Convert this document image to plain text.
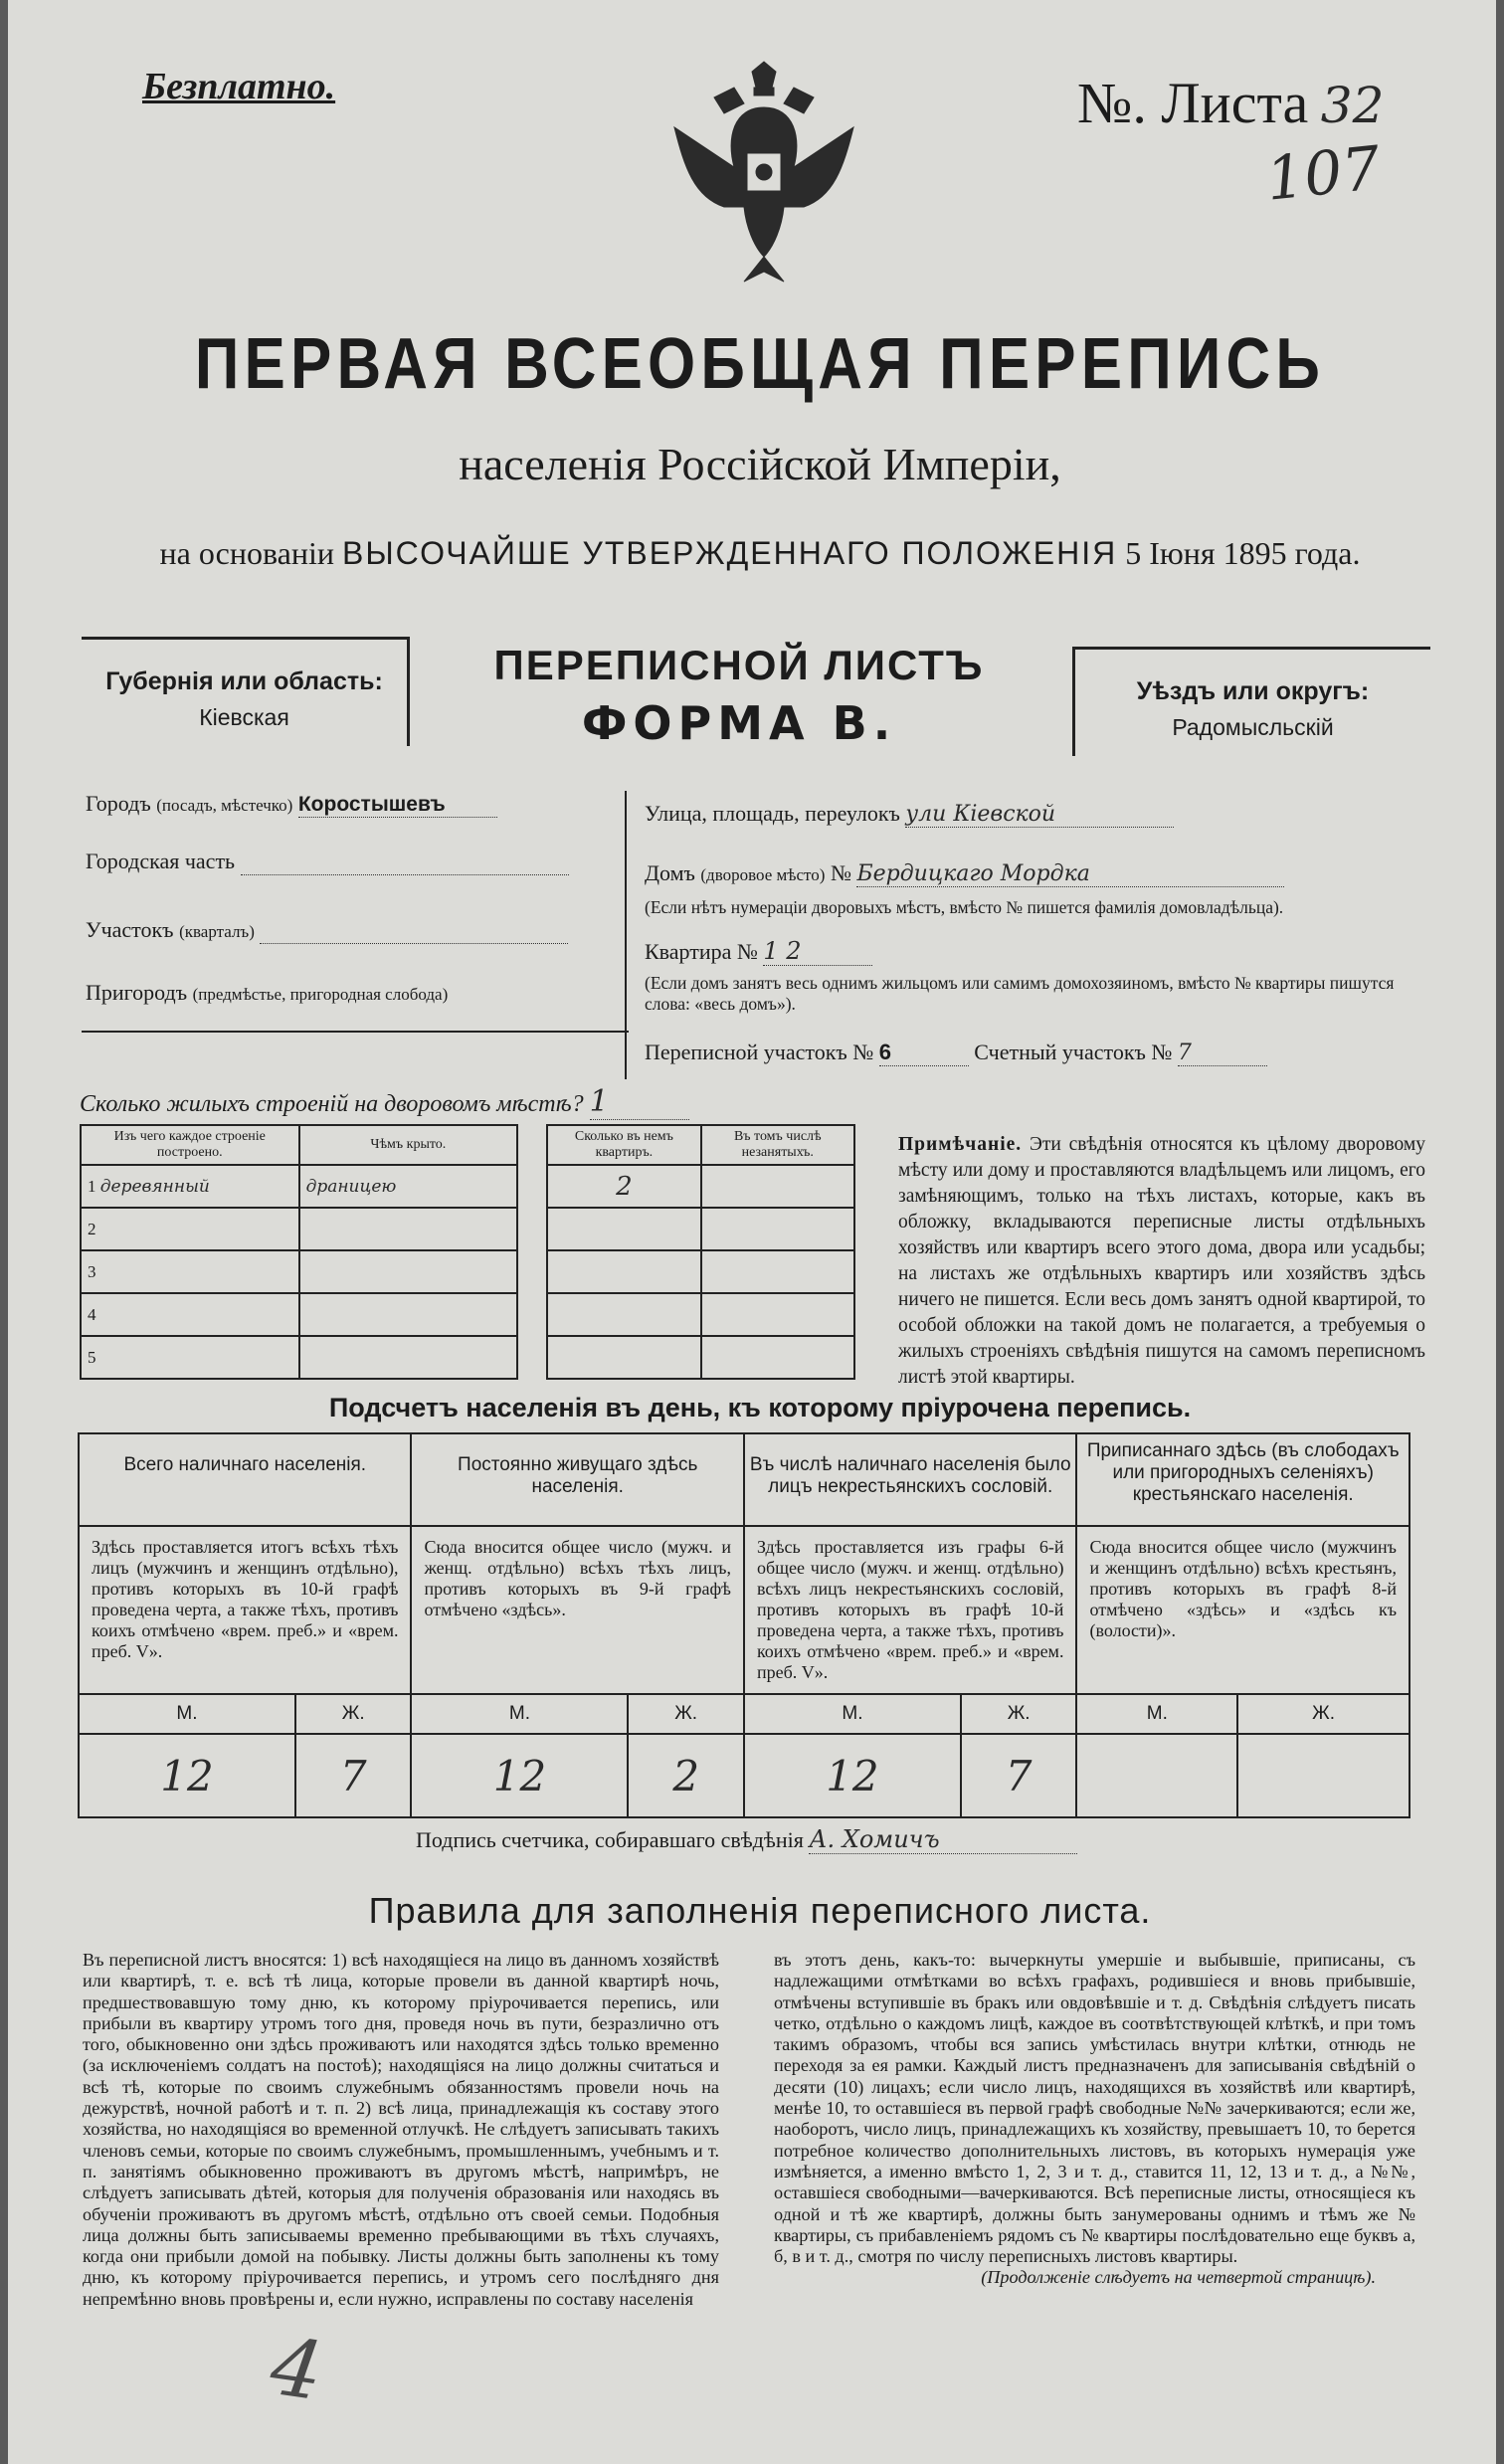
Безплатно.	№. Листа 32
107
ПЕРВАЯ ВСЕОБЩАЯ ПЕРЕПИСЬ
населенія Россійской Имперіи,
на основаніи ВЫСОЧАЙШЕ УТВЕРЖДЕННАГО ПОЛОЖЕНІЯ 5 Іюня 1895 года.
Губернія или область:
Кіевская
ПЕРЕПИСНОЙ ЛИСТЪ
ФОРМА В.
Уѣздъ или округъ:
Радомысльскій
Городъ (посадъ, мѣстечко) Коростышевъ
Городская часть
Участокъ (кварталъ)
Пригородъ (предмѣстье, пригородная слобода)
Улица, площадь, переулокъ ули Кіевской
Домъ (дворовое мѣсто) № Бердицкаго Мордка
(Если нѣтъ нумераціи дворовыхъ мѣстъ, вмѣсто № пишется фамилія домовладѣльца).
Квартира № 1 2
(Если домъ занятъ весь однимъ жильцомъ или самимъ домохозяиномъ, вмѣсто № квартиры пишутся слова: «весь домъ»).
Переписной участокъ № 6	Счетный участокъ № 7
Сколько жилыхъ строеній на дворовомъ мѣстѣ? 1
Изъ чего каждое строеніе построено.	Чѣмъ крыто.		Сколько въ немъ квартиръ.	Въ томъ числѣ незанятыхъ.
1 деревянный	драницею		2	
2				
3				
4				
5				
Примѣчаніе. Эти свѣдѣнія относятся къ цѣлому дворовому мѣсту или дому и проставляются владѣльцемъ или лицомъ, его замѣняющимъ, только на тѣхъ листахъ, которые, какъ въ обложку, вкладываются переписные листы отдѣльныхъ хозяйствъ или квартиръ всего этого дома, двора или усадьбы; на листахъ же отдѣльныхъ квартиръ или хозяйствъ здѣсь ничего не пишется. Если весь домъ занятъ одной квартирой, то особой обложки на такой домъ не полагается, а требуемыя о жилыхъ строеніяхъ свѣдѣнія пишутся на самомъ переписномъ листѣ этой квартиры.
Подсчетъ населенія въ день, къ которому пріурочена перепись.
Всего наличнаго населенія.		Постоянно живущаго здѣсь населенія.		Въ числѣ наличнаго населенія было лицъ некрестьянскихъ сословій.		Приписаннаго здѣсь (въ слободахъ или пригородныхъ селеніяхъ) крестьянскаго населенія.	
Здѣсь проставляется итогъ всѣхъ тѣхъ лицъ (мужчинъ и женщинъ отдѣльно), противъ которыхъ въ 10-й графѣ проведена черта, а также тѣхъ, противъ коихъ отмѣчено «врем. преб.» и «врем. преб. V».		Сюда вносится общее число (мужч. и женщ. отдѣльно) всѣхъ тѣхъ лицъ, противъ которыхъ въ 9-й графѣ отмѣчено «здѣсь».		Здѣсь проставляется изъ графы 6-й общее число (мужч. и женщ. отдѣльно) всѣхъ лицъ некрестьянскихъ сословій, противъ которыхъ въ графѣ 10-й проведена черта, а также тѣхъ, противъ коихъ отмѣчено «врем. преб.» и «врем. преб. V».		Сюда вносится общее число (мужчинъ и женщинъ отдѣльно) всѣхъ крестьянъ, противъ которыхъ въ графѣ 8-й отмѣчено «здѣсь» и «здѣсь къ (волости)».	
М.	Ж.	М.	Ж.	М.	Ж.	М.	Ж.
12	7	12	2	12	7		
Подпись счетчика, собиравшаго свѣдѣнія А. Хомичъ
Правила для заполненія переписного листа.
Въ переписной листъ вносятся: 1) всѣ находящіеся на лицо въ данномъ хозяйствѣ или квартирѣ, т. е. всѣ тѣ лица, которые провели въ данной квартирѣ ночь, предшествовавшую тому дню, къ которому пріурочивается перепись, или прибыли въ квартиру утромъ того дня, проведя ночь въ пути, безразлично отъ того, обыкновенно они здѣсь проживаютъ или находятся здѣсь только временно (за исключеніемъ солдатъ на постоѣ); находящіяся на лицо должны считаться и всѣ тѣ, которые по своимъ служебнымъ обязанностямъ провели ночь на дежурствѣ, ночной работѣ и т. п. 2) всѣ лица, принадлежащія къ составу этого хозяйства, но находящіяся во временной отлучкѣ. Не слѣдуетъ записывать такихъ членовъ семьи, которые по своимъ служебнымъ, промышленнымъ, учебнымъ и т. п. занятіямъ обыкновенно проживаютъ въ другомъ мѣстѣ, напримѣръ, не слѣдуетъ записывать дѣтей, которыя для полученія образованія или находясь въ обученіи проживаютъ въ другомъ мѣстѣ, отдѣльно отъ своей семьи. Подобныя лица должны быть записываемы временно пребывающими въ тѣхъ случаяхъ, когда они прибыли домой на побывку. Листы должны быть заполнены къ тому дню, къ которому пріурочивается перепись, и утромъ сего послѣдняго дня непремѣнно вновь провѣрены и, если нужно, исправлены по составу населенія
въ этотъ день, какъ-то: вычеркнуты умершіе и выбывшіе, приписаны, съ надлежащими отмѣтками во всѣхъ графахъ, родившіеся и вновь прибывшіе, отмѣчены вступившіе въ бракъ или овдовѣвшіе и т. д. Свѣдѣнія слѣдуетъ писать четко, отдѣльно о каждомъ лицѣ, каждое въ соотвѣтствующей клѣткѣ, и при томъ такимъ образомъ, чтобы вся запись умѣстилась внутри клѣтки, отнюдь не переходя за ея рамки. Каждый листъ предназначенъ для записыванія свѣдѣній о десяти (10) лицахъ; если число лицъ, находящихся въ хозяйствѣ или квартирѣ, менѣе 10, то оставшіеся въ первой графѣ свободные №№ зачеркиваются; если же, наоборотъ, число лицъ, принадлежащихъ къ хозяйству, превышаетъ 10, то берется потребное количество дополнительныхъ листовъ, въ которыхъ нумерація уже измѣняется, а именно вмѣсто 1, 2, 3 и т. д., ставится 11, 12, 13 и т. д., а №№, оставшіеся свободными—вачеркиваются. Всѣ переписные листы, относящіеся къ одной и тѣ же квартирѣ, должны быть занумерованы однимъ и тѣмъ же № квартиры, съ прибавленіемъ рядомъ съ № квартиры послѣдовательно еще буквъ а, б, в и т. д., смотря по числу переписныхъ листовъ квартиры.
(Продолженіе слѣдуетъ на четвертой страницѣ).
4
